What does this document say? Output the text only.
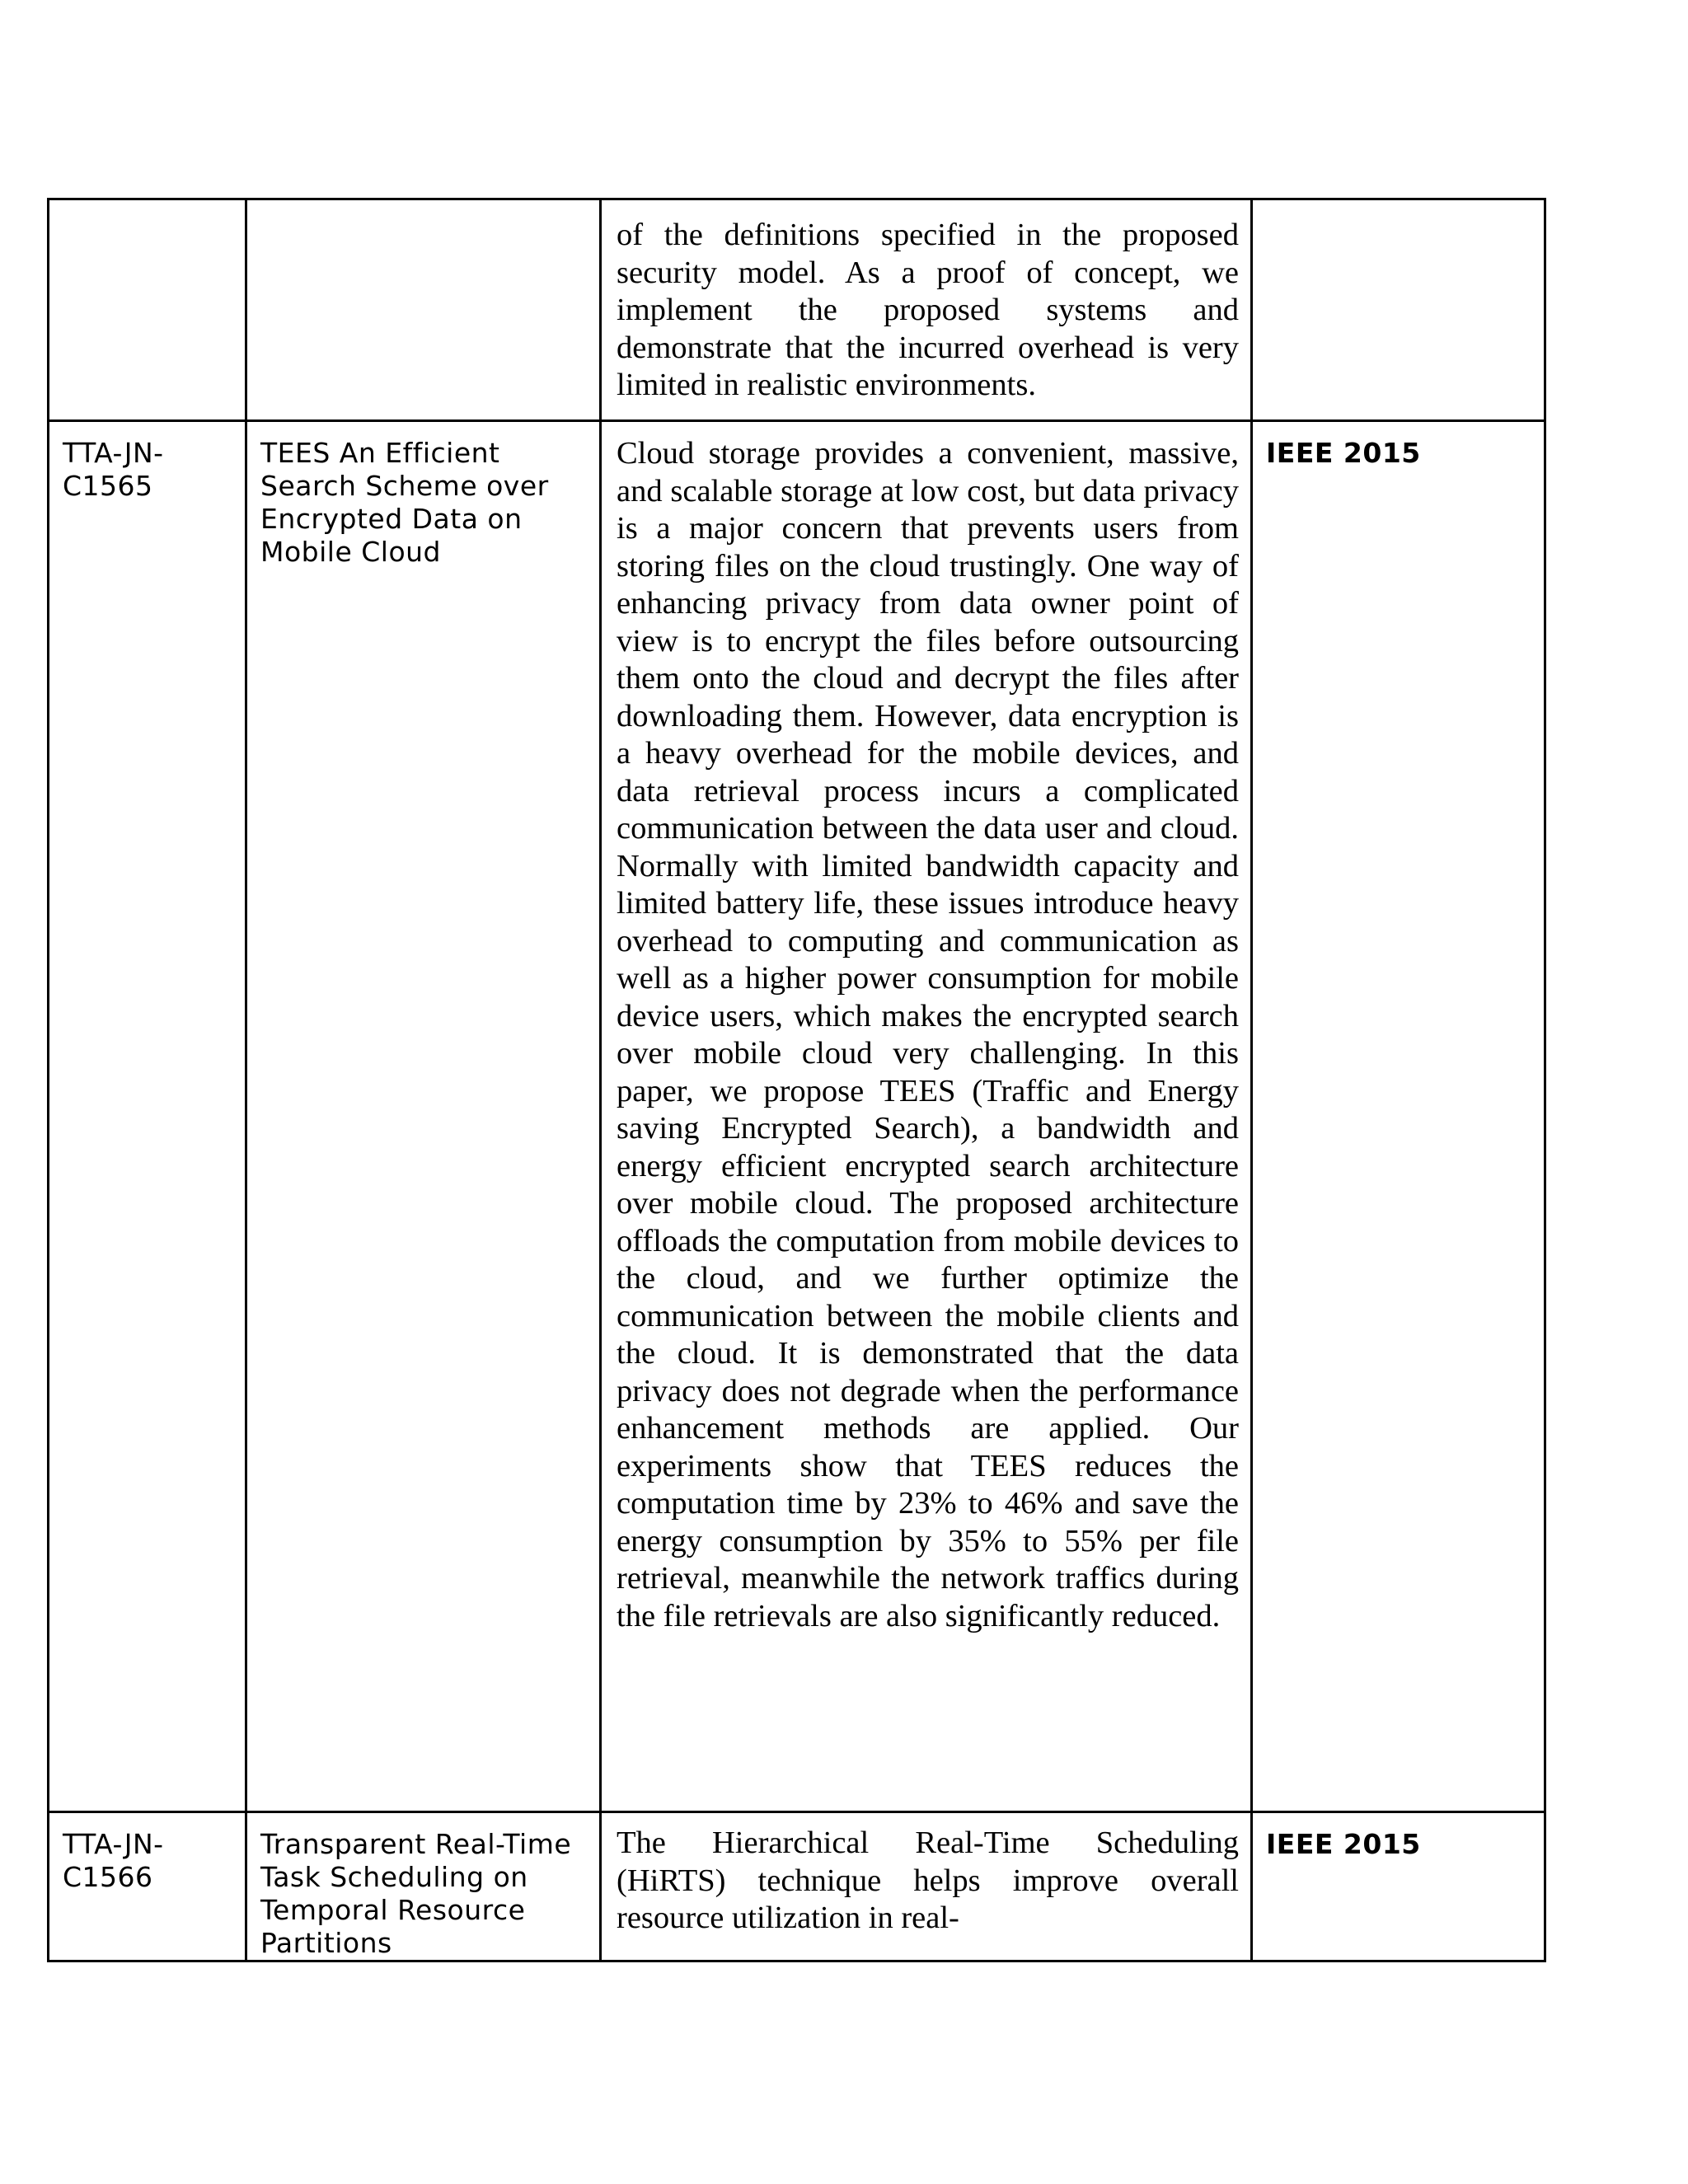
		of the definitions specified in the proposed security model. As a proof of concept, we implement the proposed systems and demonstrate that the incurred overhead is very limited in realistic environments.	

TTA-JN-C1565	TEES An Efficient Search Scheme over Encrypted Data on Mobile Cloud	Cloud storage provides a convenient, massive, and scalable storage at low cost, but data privacy is a major concern that prevents users from storing files on the cloud trustingly. One way of enhancing privacy from data owner point of view is to encrypt the files before outsourcing them onto the cloud and decrypt the files after downloading them. However, data encryption is a heavy overhead for the mobile devices, and data retrieval process incurs a complicated communication between the data user and cloud. Normally with limited bandwidth capacity and limited battery life, these issues introduce heavy overhead to computing and communication as well as a higher power consumption for mobile device users, which makes the encrypted search over mobile cloud very challenging. In this paper, we propose TEES (Traffic and Energy saving Encrypted Search), a bandwidth and energy efficient encrypted search architecture over mobile cloud. The proposed architecture offloads the computation from mobile devices to the cloud, and we further optimize the communication between the mobile clients and the cloud. It is demonstrated that the data privacy does not degrade when the performance enhancement methods are applied. Our experiments show that TEES reduces the computation time by 23% to 46% and save the energy consumption by 35% to 55% per file retrieval, meanwhile the network traffics during the file retrievals are also significantly reduced.	IEEE 2015

TTA-JN-C1566	Transparent Real-Time Task Scheduling on Temporal Resource Partitions	The Hierarchical Real-Time Scheduling (HiRTS) technique helps improve overall resource utilization in real-	IEEE 2015
